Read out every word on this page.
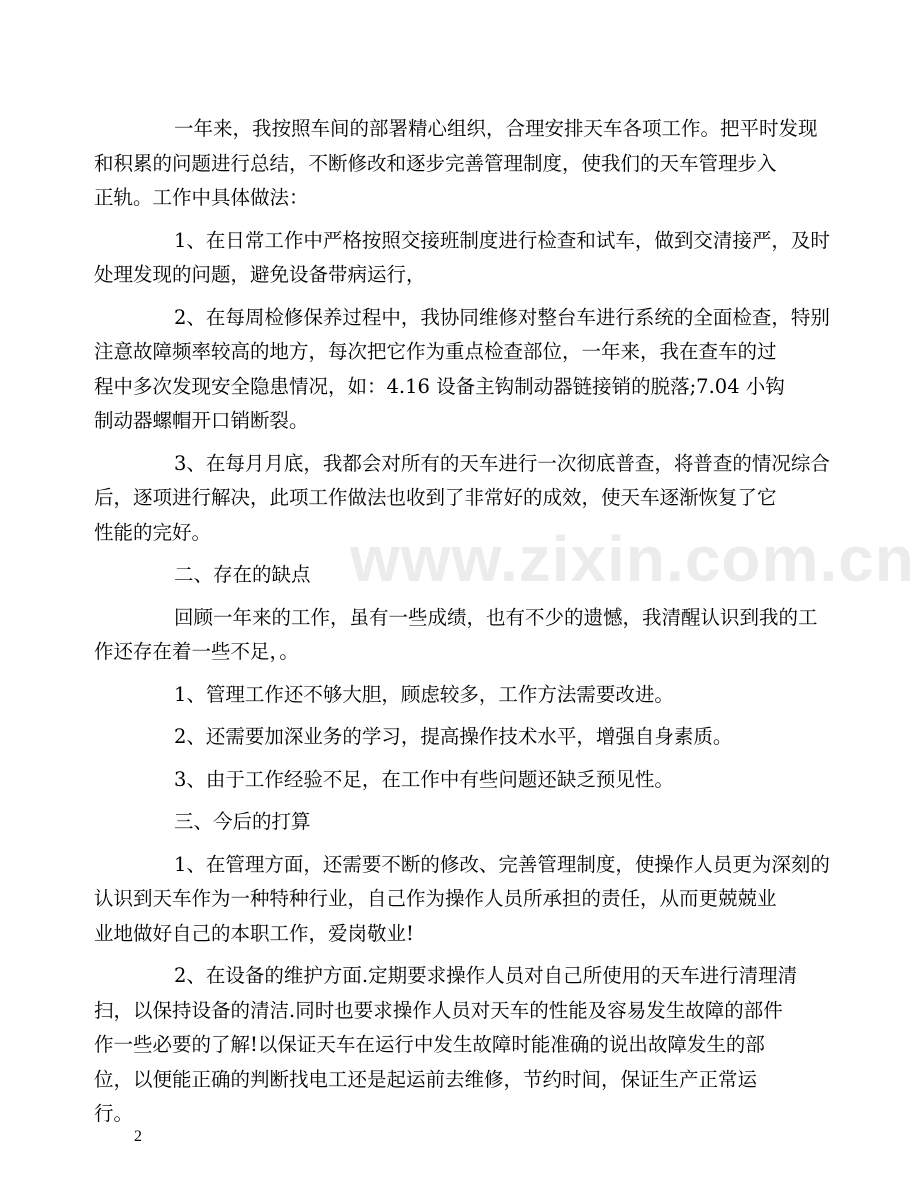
一年来，我按照车间的部署精心组织，合理安排天车各项工作。把平时发现
和积累的问题进行总结，不断修改和逐步完善管理制度，使我们的天车管理步入
正轨。工作中具体做法：

1、在日常工作中严格按照交接班制度进行检查和试车，做到交清接严，及时
处理发现的问题，避免设备带病运行，

2、在每周检修保养过程中，我协同维修对整台车进行系统的全面检查，特别
注意故障频率较高的地方，每次把它作为重点检查部位，一年来，我在查车的过
程中多次发现安全隐患情况，如：4.16 设备主钩制动器链接销的脱落;7.04 小钩
制动器螺帽开口销断裂。

3、在每月月底，我都会对所有的天车进行一次彻底普查，将普查的情况综合
后，逐项进行解决，此项工作做法也收到了非常好的成效，使天车逐渐恢复了它
性能的完好。

二、存在的缺点

回顾一年来的工作，虽有一些成绩，也有不少的遗憾，我清醒认识到我的工
作还存在着一些不足，。

1、管理工作还不够大胆，顾虑较多，工作方法需要改进。

2、还需要加深业务的学习，提高操作技术水平，增强自身素质。

3、由于工作经验不足，在工作中有些问题还缺乏预见性。

三、今后的打算

1、在管理方面，还需要不断的修改、完善管理制度，使操作人员更为深刻的
认识到天车作为一种特种行业，自己作为操作人员所承担的责任，从而更兢兢业
业地做好自己的本职工作，爱岗敬业!

2、在设备的维护方面.定期要求操作人员对自己所使用的天车进行清理清
扫，以保持设备的清洁.同时也要求操作人员对天车的性能及容易发生故障的部件
作一些必要的了解!以保证天车在运行中发生故障时能准确的说出故障发生的部
位，以便能正确的判断找电工还是起运前去维修，节约时间，保证生产正常运
行。

www.zixin.com.cn
2
